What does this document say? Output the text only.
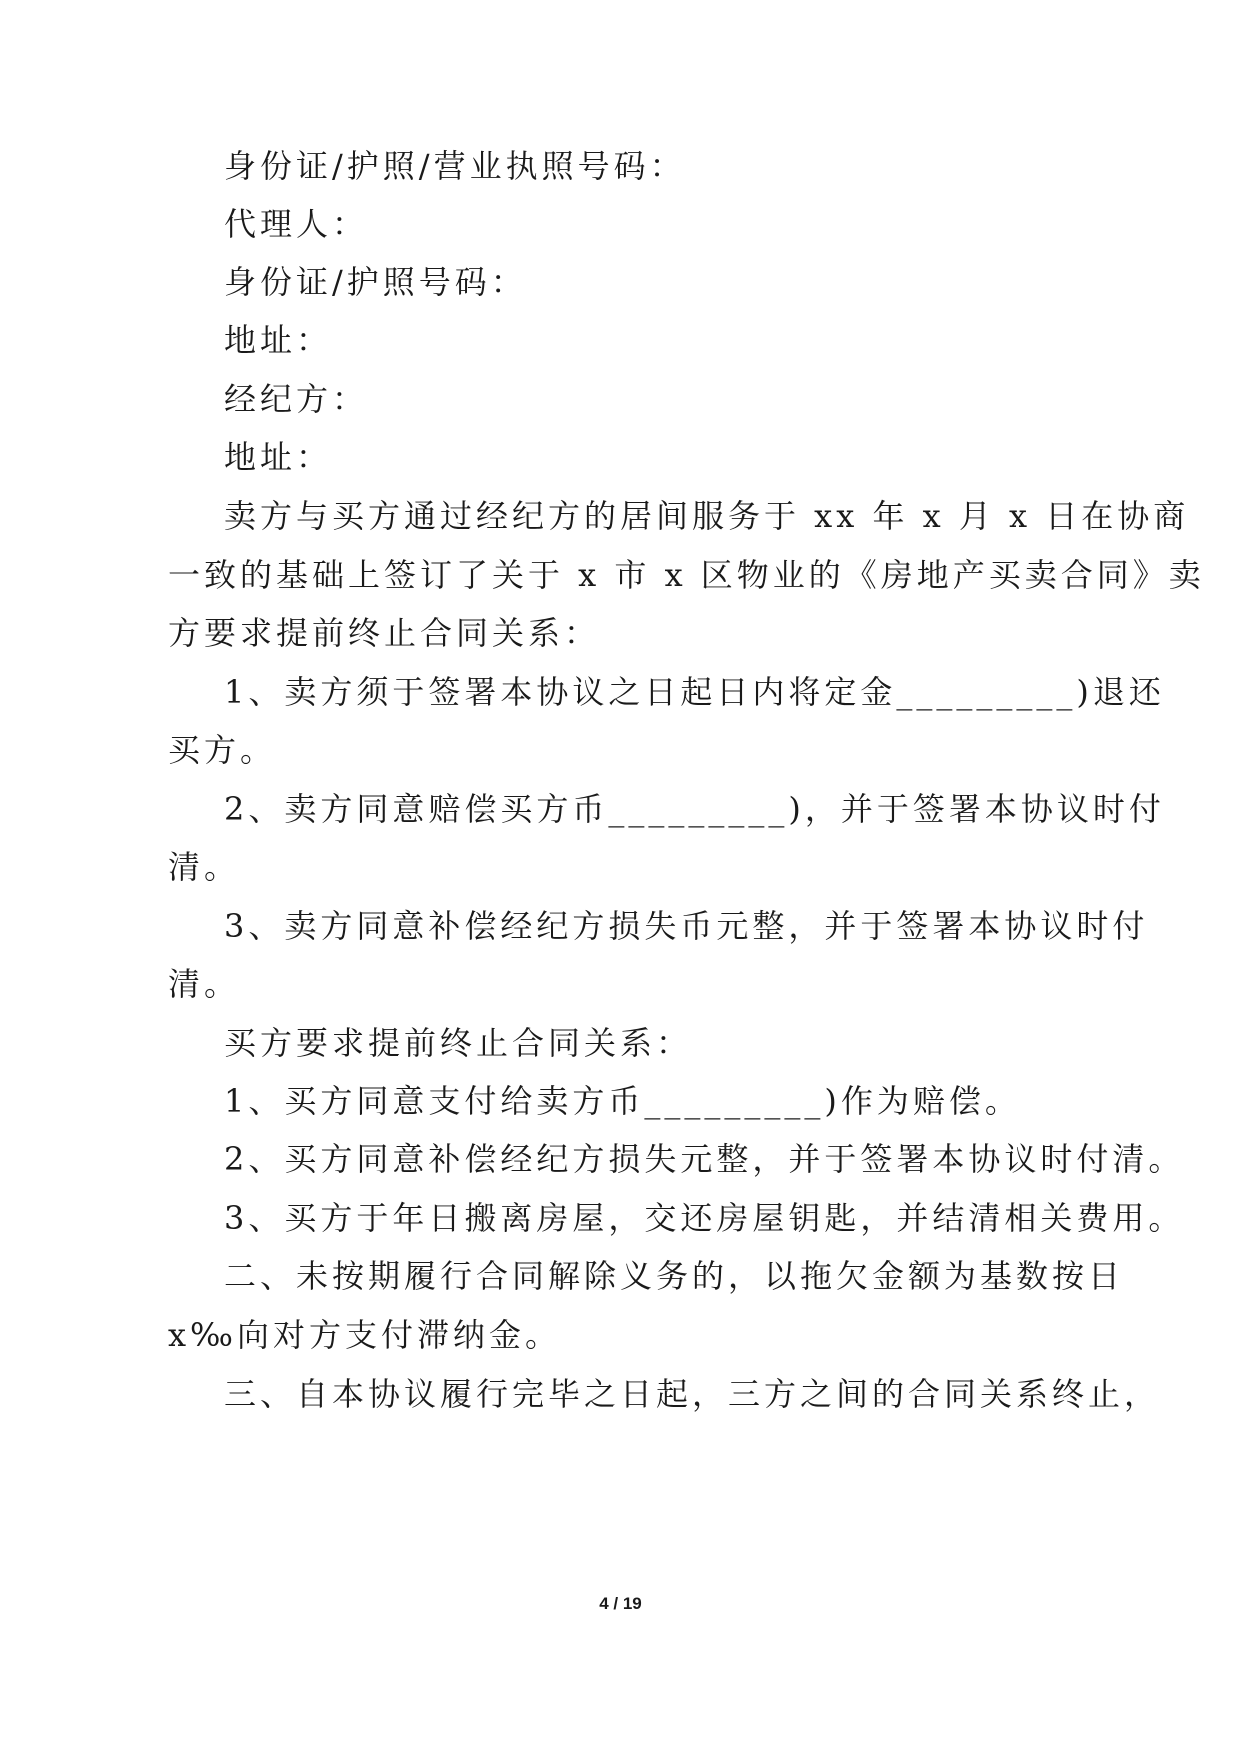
身份证/护照/营业执照号码：
代理人：
身份证/护照号码：
地址：
经纪方：
地址：
卖方与买方通过经纪方的居间服务于 xx 年 x 月 x 日在协商
一致的基础上签订了关于 x 市 x 区物业的《房地产买卖合同》卖
方要求提前终止合同关系：
1、卖方须于签署本协议之日起日内将定金_________)退还
买方。
2、卖方同意赔偿买方币_________)，并于签署本协议时付
清。
3、卖方同意补偿经纪方损失币元整，并于签署本协议时付
清。
买方要求提前终止合同关系：
1、买方同意支付给卖方币_________)作为赔偿。
2、买方同意补偿经纪方损失元整，并于签署本协议时付清。
3、买方于年日搬离房屋，交还房屋钥匙，并结清相关费用。
二、未按期履行合同解除义务的，以拖欠金额为基数按日
x‰向对方支付滞纳金。
三、自本协议履行完毕之日起，三方之间的合同关系终止，
4 / 19
